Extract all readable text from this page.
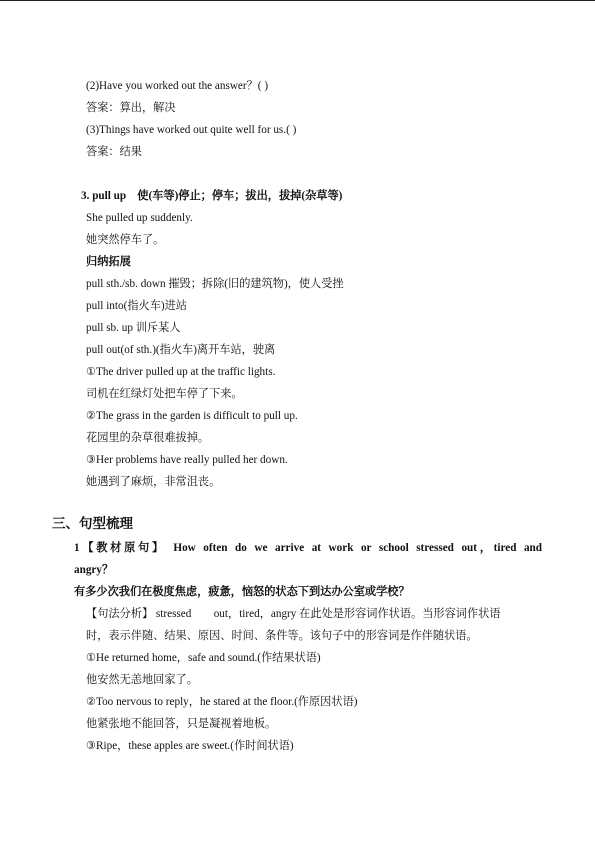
(2)Have you worked out the answer？( )
答案：算出，解决
(3)Things have worked out quite well for us.( )
答案：结果
3. pull up　使(车等)停止；停车；拔出，拔掉(杂草等)
She pulled up suddenly.
她突然停车了。
归纳拓展
pull sth./sb. down 摧毁；拆除(旧的建筑物)，使人受挫
pull into(指火车)进站
pull sb. up 训斥某人
pull out(of sth.)(指火车)离开车站，驶离
①The driver pulled up at the traffic lights.
司机在红绿灯处把车停了下来。
②The grass in the garden is difficult to pull up.
花园里的杂草很难拔掉。
③Her problems have really pulled her down.
她遇到了麻烦，非常沮丧。
三、句型梳理
1【教材原句】 How often do we arrive at work or school stressed out，tired and
angry？
有多少次我们在极度焦虑，疲惫，恼怒的状态下到达办公室或学校？
【句法分析】 stressed　　out，tired，angry 在此处是形容词作状语。当形容词作状语
时，表示伴随、结果、原因、时间、条件等。该句子中的形容词是作伴随状语。
①He returned home，safe and sound.(作结果状语)
他安然无恙地回家了。
②Too nervous to reply，he stared at the floor.(作原因状语)
他紧张地不能回答，只是凝视着地板。
③Ripe，these apples are sweet.(作时间状语)
